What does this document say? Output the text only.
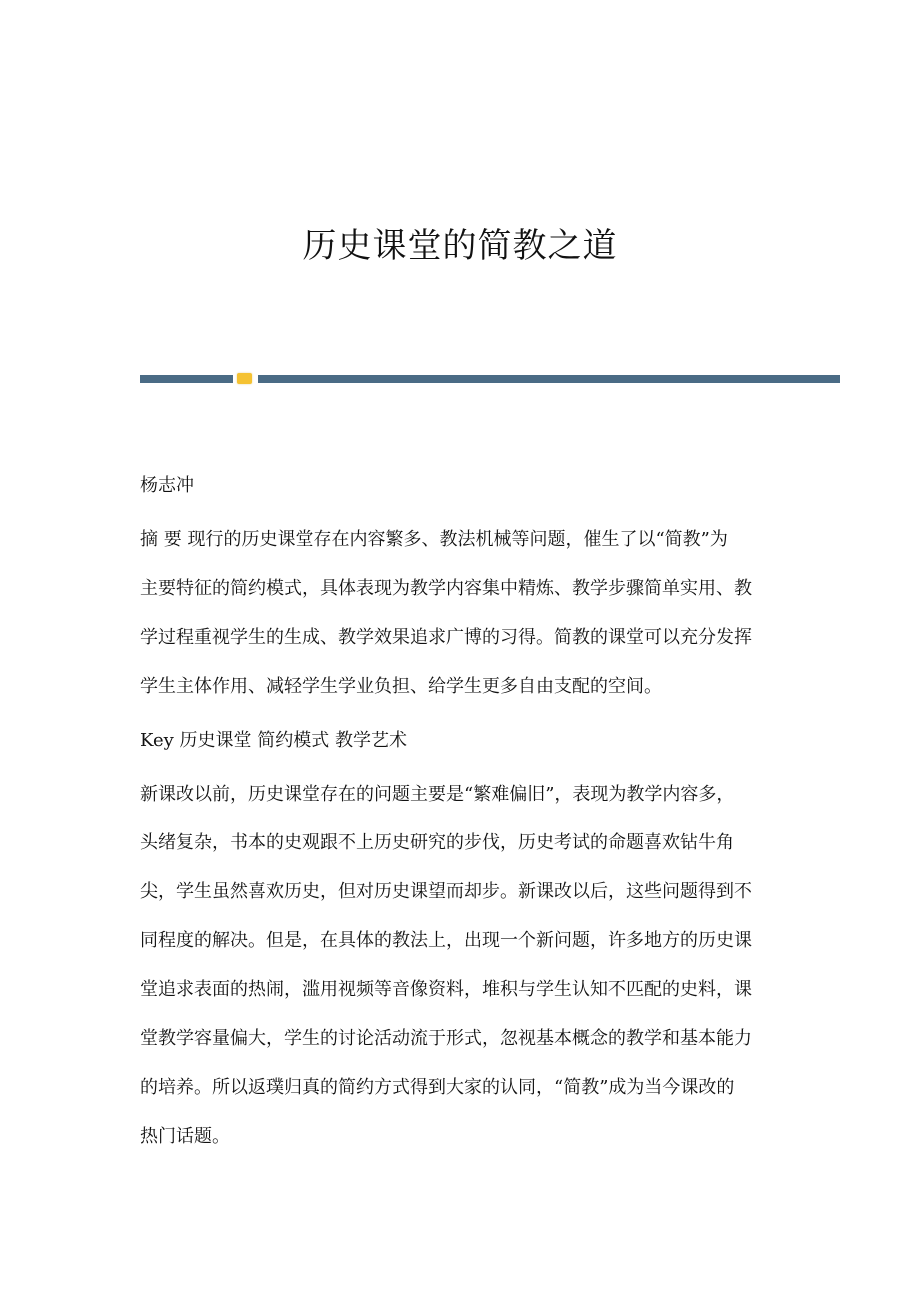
历史课堂的简教之道
杨志冲
摘 要 现行的历史课堂存在内容繁多、教法机械等问题，催生了以“简教”为
主要特征的简约模式，具体表现为教学内容集中精炼、教学步骤简单实用、教
学过程重视学生的生成、教学效果追求广博的习得。简教的课堂可以充分发挥
学生主体作用、减轻学生学业负担、给学生更多自由支配的空间。
Key 历史课堂 简约模式 教学艺术
新课改以前，历史课堂存在的问题主要是“繁难偏旧”，表现为教学内容多，
头绪复杂，书本的史观跟不上历史研究的步伐，历史考试的命题喜欢钻牛角
尖，学生虽然喜欢历史，但对历史课望而却步。新课改以后，这些问题得到不
同程度的解决。但是，在具体的教法上，出现一个新问题，许多地方的历史课
堂追求表面的热闹，滥用视频等音像资料，堆积与学生认知不匹配的史料，课
堂教学容量偏大，学生的讨论活动流于形式，忽视基本概念的教学和基本能力
的培养。所以返璞归真的简约方式得到大家的认同，“简教”成为当今课改的
热门话题。
